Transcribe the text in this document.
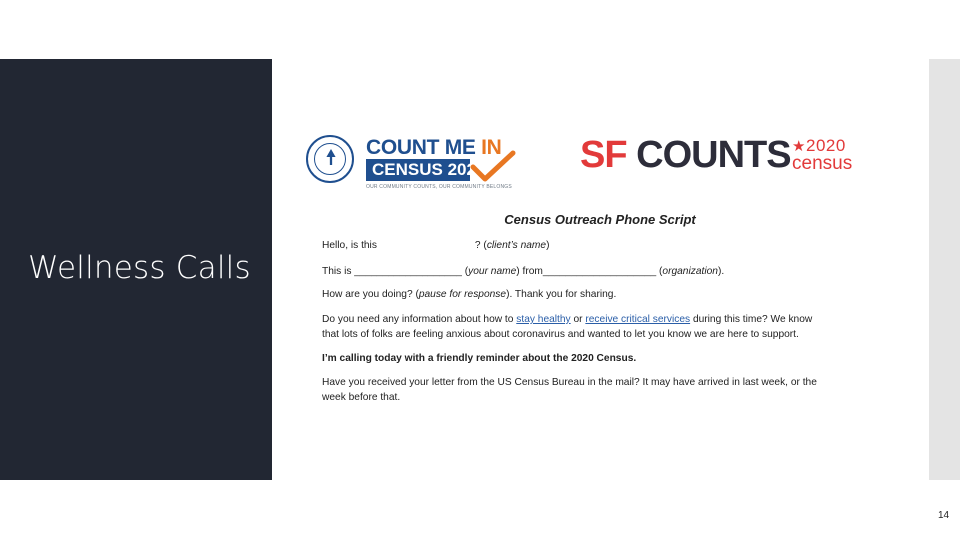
Wellness Calls
14
COUNT ME IN
CENSUS 2020
OUR COMMUNITY COUNTS, OUR COMMUNITY BELONGS
SF COUNTS ★ 2020
census
Census Outreach Phone Script
Hello, is this	? (client’s name)
This is ___________________ (your name) from____________________ (organization).
How are you doing? (pause for response). Thank you for sharing.
Do you need any information about how to stay healthy or receive critical services during this time? We know
that lots of folks are feeling anxious about coronavirus and wanted to let you know we are here to support.
I’m calling today with a friendly reminder about the 2020 Census.
Have you received your letter from the US Census Bureau in the mail? It may have arrived in last week, or the
week before that.
